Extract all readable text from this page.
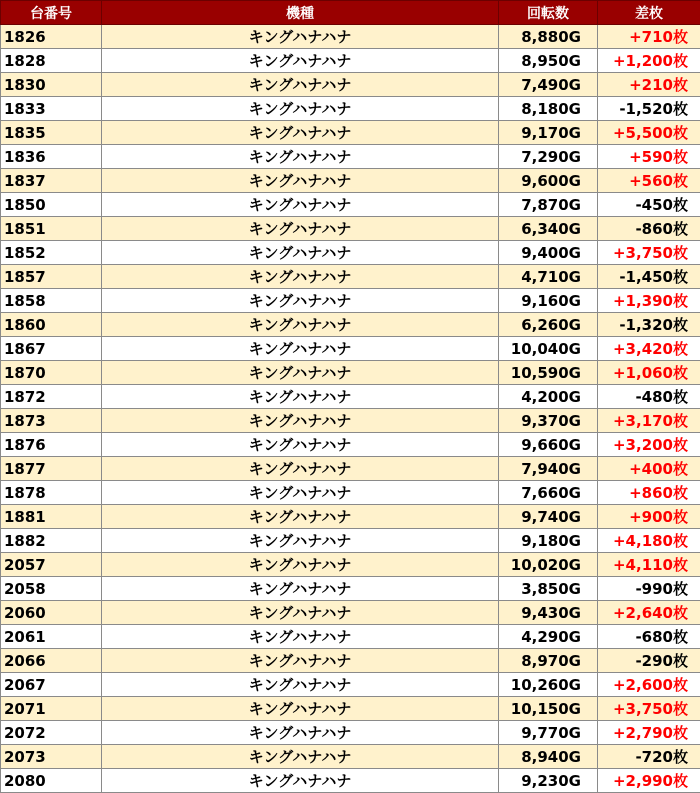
台番号	機種	回転数	差枚
1826	キングハナハナ	8,880G	+710枚
1828	キングハナハナ	8,950G	+1,200枚
1830	キングハナハナ	7,490G	+210枚
1833	キングハナハナ	8,180G	-1,520枚
1835	キングハナハナ	9,170G	+5,500枚
1836	キングハナハナ	7,290G	+590枚
1837	キングハナハナ	9,600G	+560枚
1850	キングハナハナ	7,870G	-450枚
1851	キングハナハナ	6,340G	-860枚
1852	キングハナハナ	9,400G	+3,750枚
1857	キングハナハナ	4,710G	-1,450枚
1858	キングハナハナ	9,160G	+1,390枚
1860	キングハナハナ	6,260G	-1,320枚
1867	キングハナハナ	10,040G	+3,420枚
1870	キングハナハナ	10,590G	+1,060枚
1872	キングハナハナ	4,200G	-480枚
1873	キングハナハナ	9,370G	+3,170枚
1876	キングハナハナ	9,660G	+3,200枚
1877	キングハナハナ	7,940G	+400枚
1878	キングハナハナ	7,660G	+860枚
1881	キングハナハナ	9,740G	+900枚
1882	キングハナハナ	9,180G	+4,180枚
2057	キングハナハナ	10,020G	+4,110枚
2058	キングハナハナ	3,850G	-990枚
2060	キングハナハナ	9,430G	+2,640枚
2061	キングハナハナ	4,290G	-680枚
2066	キングハナハナ	8,970G	-290枚
2067	キングハナハナ	10,260G	+2,600枚
2071	キングハナハナ	10,150G	+3,750枚
2072	キングハナハナ	9,770G	+2,790枚
2073	キングハナハナ	8,940G	-720枚
2080	キングハナハナ	9,230G	+2,990枚
